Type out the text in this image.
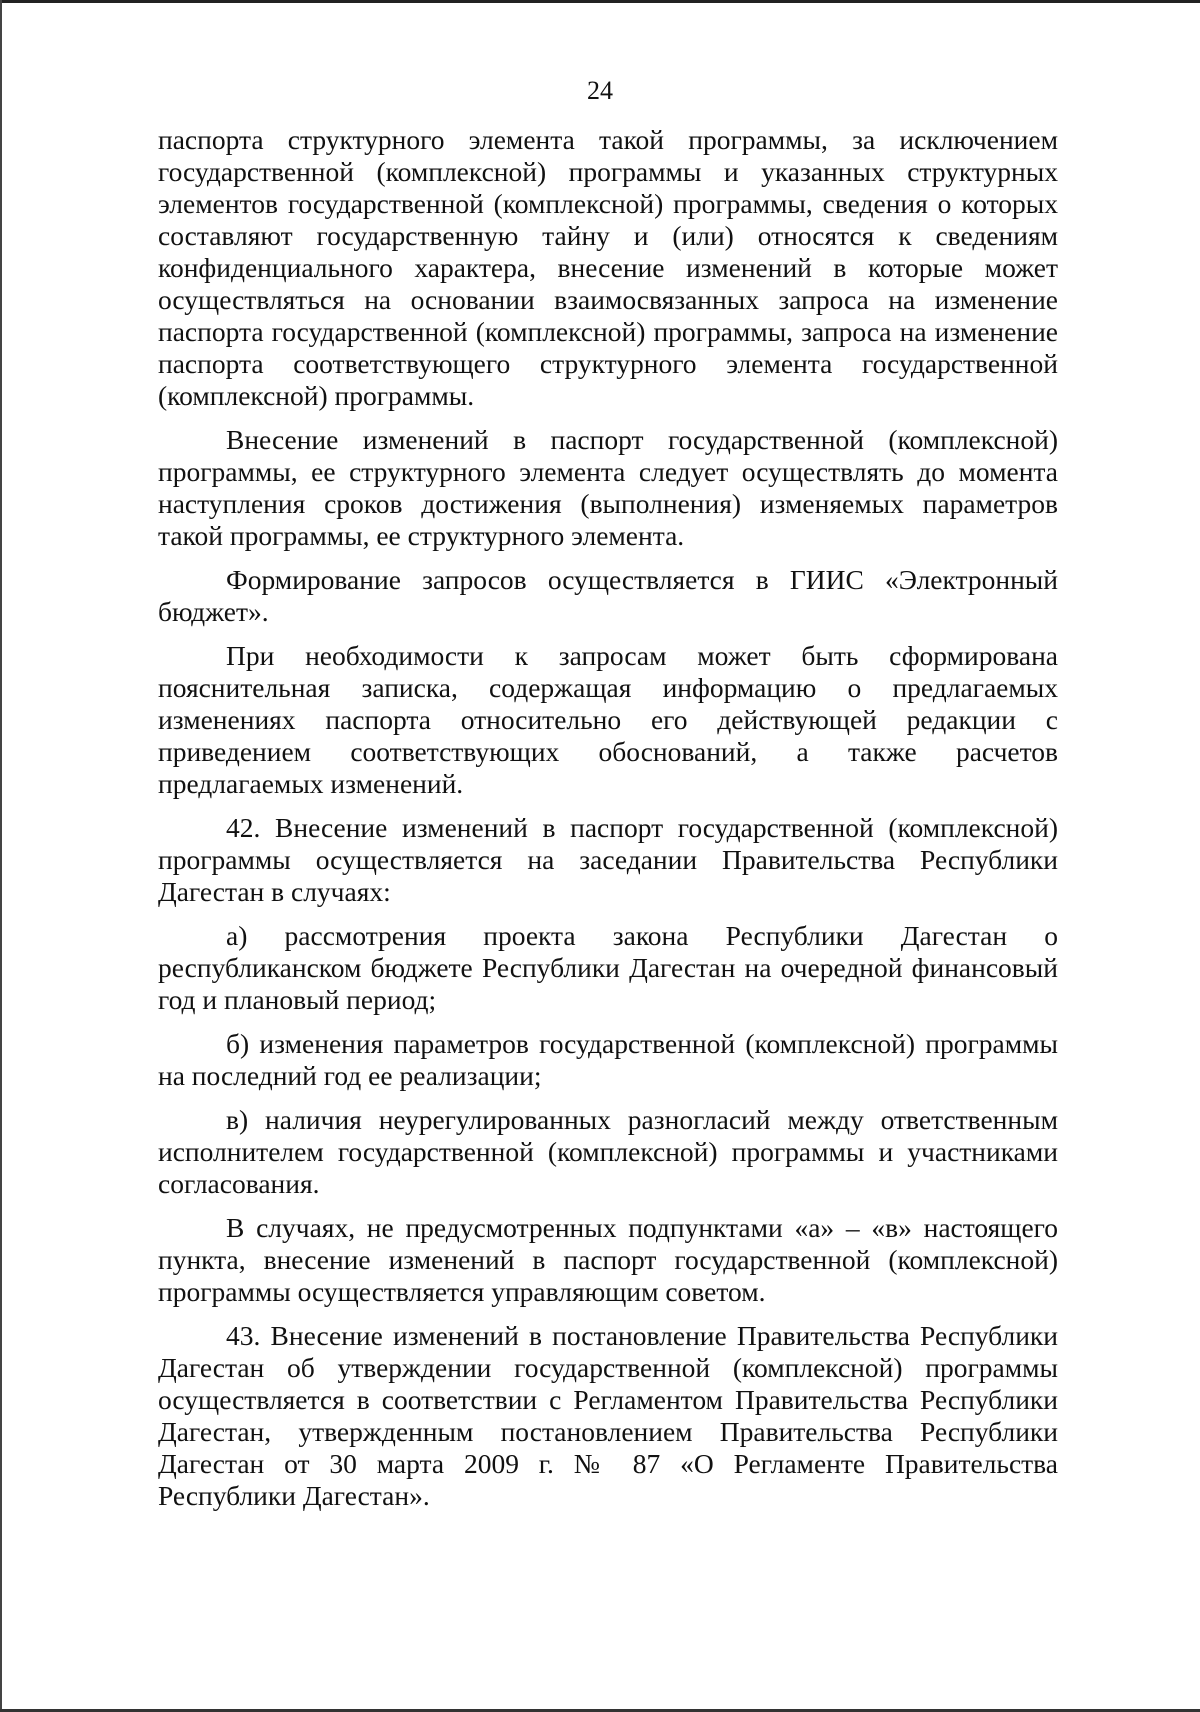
24

паспорта структурного элемента такой программы, за исключением государственной (комплексной) программы и указанных структурных элементов государственной (комплексной) программы, сведения о которых составляют государственную тайну и (или) относятся к сведениям конфиденциального характера, внесение изменений в которые может осуществляться на основании взаимосвязанных запроса на изменение паспорта государственной (комплексной) программы, запроса на изменение паспорта соответствующего структурного элемента государственной (комплексной) программы.

Внесение изменений в паспорт государственной (комплексной) программы, ее структурного элемента следует осуществлять до момента наступления сроков достижения (выполнения) изменяемых параметров такой программы, ее структурного элемента.

Формирование запросов осуществляется в ГИИС «Электронный бюджет».

При необходимости к запросам может быть сформирована пояснительная записка, содержащая информацию о предлагаемых изменениях паспорта относительно его действующей редакции с приведением соответствующих обоснований, а также расчетов предлагаемых изменений.

42. Внесение изменений в паспорт государственной (комплексной) программы осуществляется на заседании Правительства Республики Дагестан в случаях:

а) рассмотрения проекта закона Республики Дагестан о республиканском бюджете Республики Дагестан на очередной финансовый год и плановый период;

б) изменения параметров государственной (комплексной) программы на последний год ее реализации;

в) наличия неурегулированных разногласий между ответственным исполнителем государственной (комплексной) программы и участниками согласования.

В случаях, не предусмотренных подпунктами «а» – «в» настоящего пункта, внесение изменений в паспорт государственной (комплексной) программы осуществляется управляющим советом.

43. Внесение изменений в постановление Правительства Республики Дагестан об утверждении государственной (комплексной) программы осуществляется в соответствии с Регламентом Правительства Республики Дагестан, утвержденным постановлением Правительства Республики Дагестан от 30 марта 2009 г. № 87 «О Регламенте Правительства Республики Дагестан».
